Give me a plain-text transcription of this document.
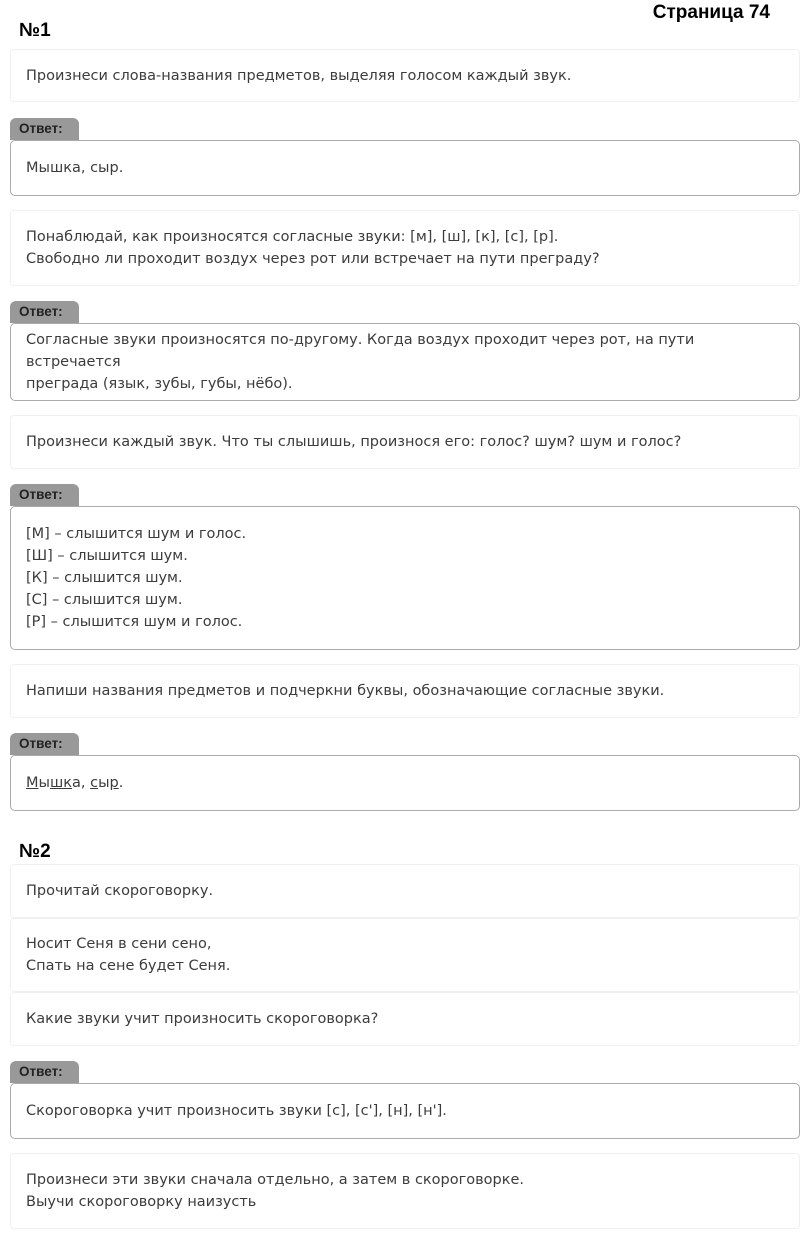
Страница 74
№1
Произнеси слова-названия предметов, выделяя голосом каждый звук.
Ответ:
Мышка, сыр.
Понаблюдай, как произносятся согласные звуки: [м], [ш], [к], [с], [р].
Свободно ли проходит воздух через рот или встречает на пути преграду?
Ответ:
Согласные звуки произносятся по-другому. Когда воздух проходит через рот, на пути встречается
преграда (язык, зубы, губы, нёбо).
Произнеси каждый звук. Что ты слышишь, произнося его: голос? шум? шум и голос?
Ответ:
[М] – слышится шум и голос.
[Ш] – слышится шум.
[К] – слышится шум.
[С] – слышится шум.
[Р] – слышится шум и голос.
Напиши названия предметов и подчеркни буквы, обозначающие согласные звуки.
Ответ:
Мышка, сыр.
№2
Прочитай скороговорку.
Носит Сеня в сени сено,
Спать на сене будет Сеня.
Какие звуки учит произносить скороговорка?
Ответ:
Скороговорка учит произносить звуки [с], [с'], [н], [н'].
Произнеси эти звуки сначала отдельно, а затем в скороговорке.
Выучи скороговорку наизусть
